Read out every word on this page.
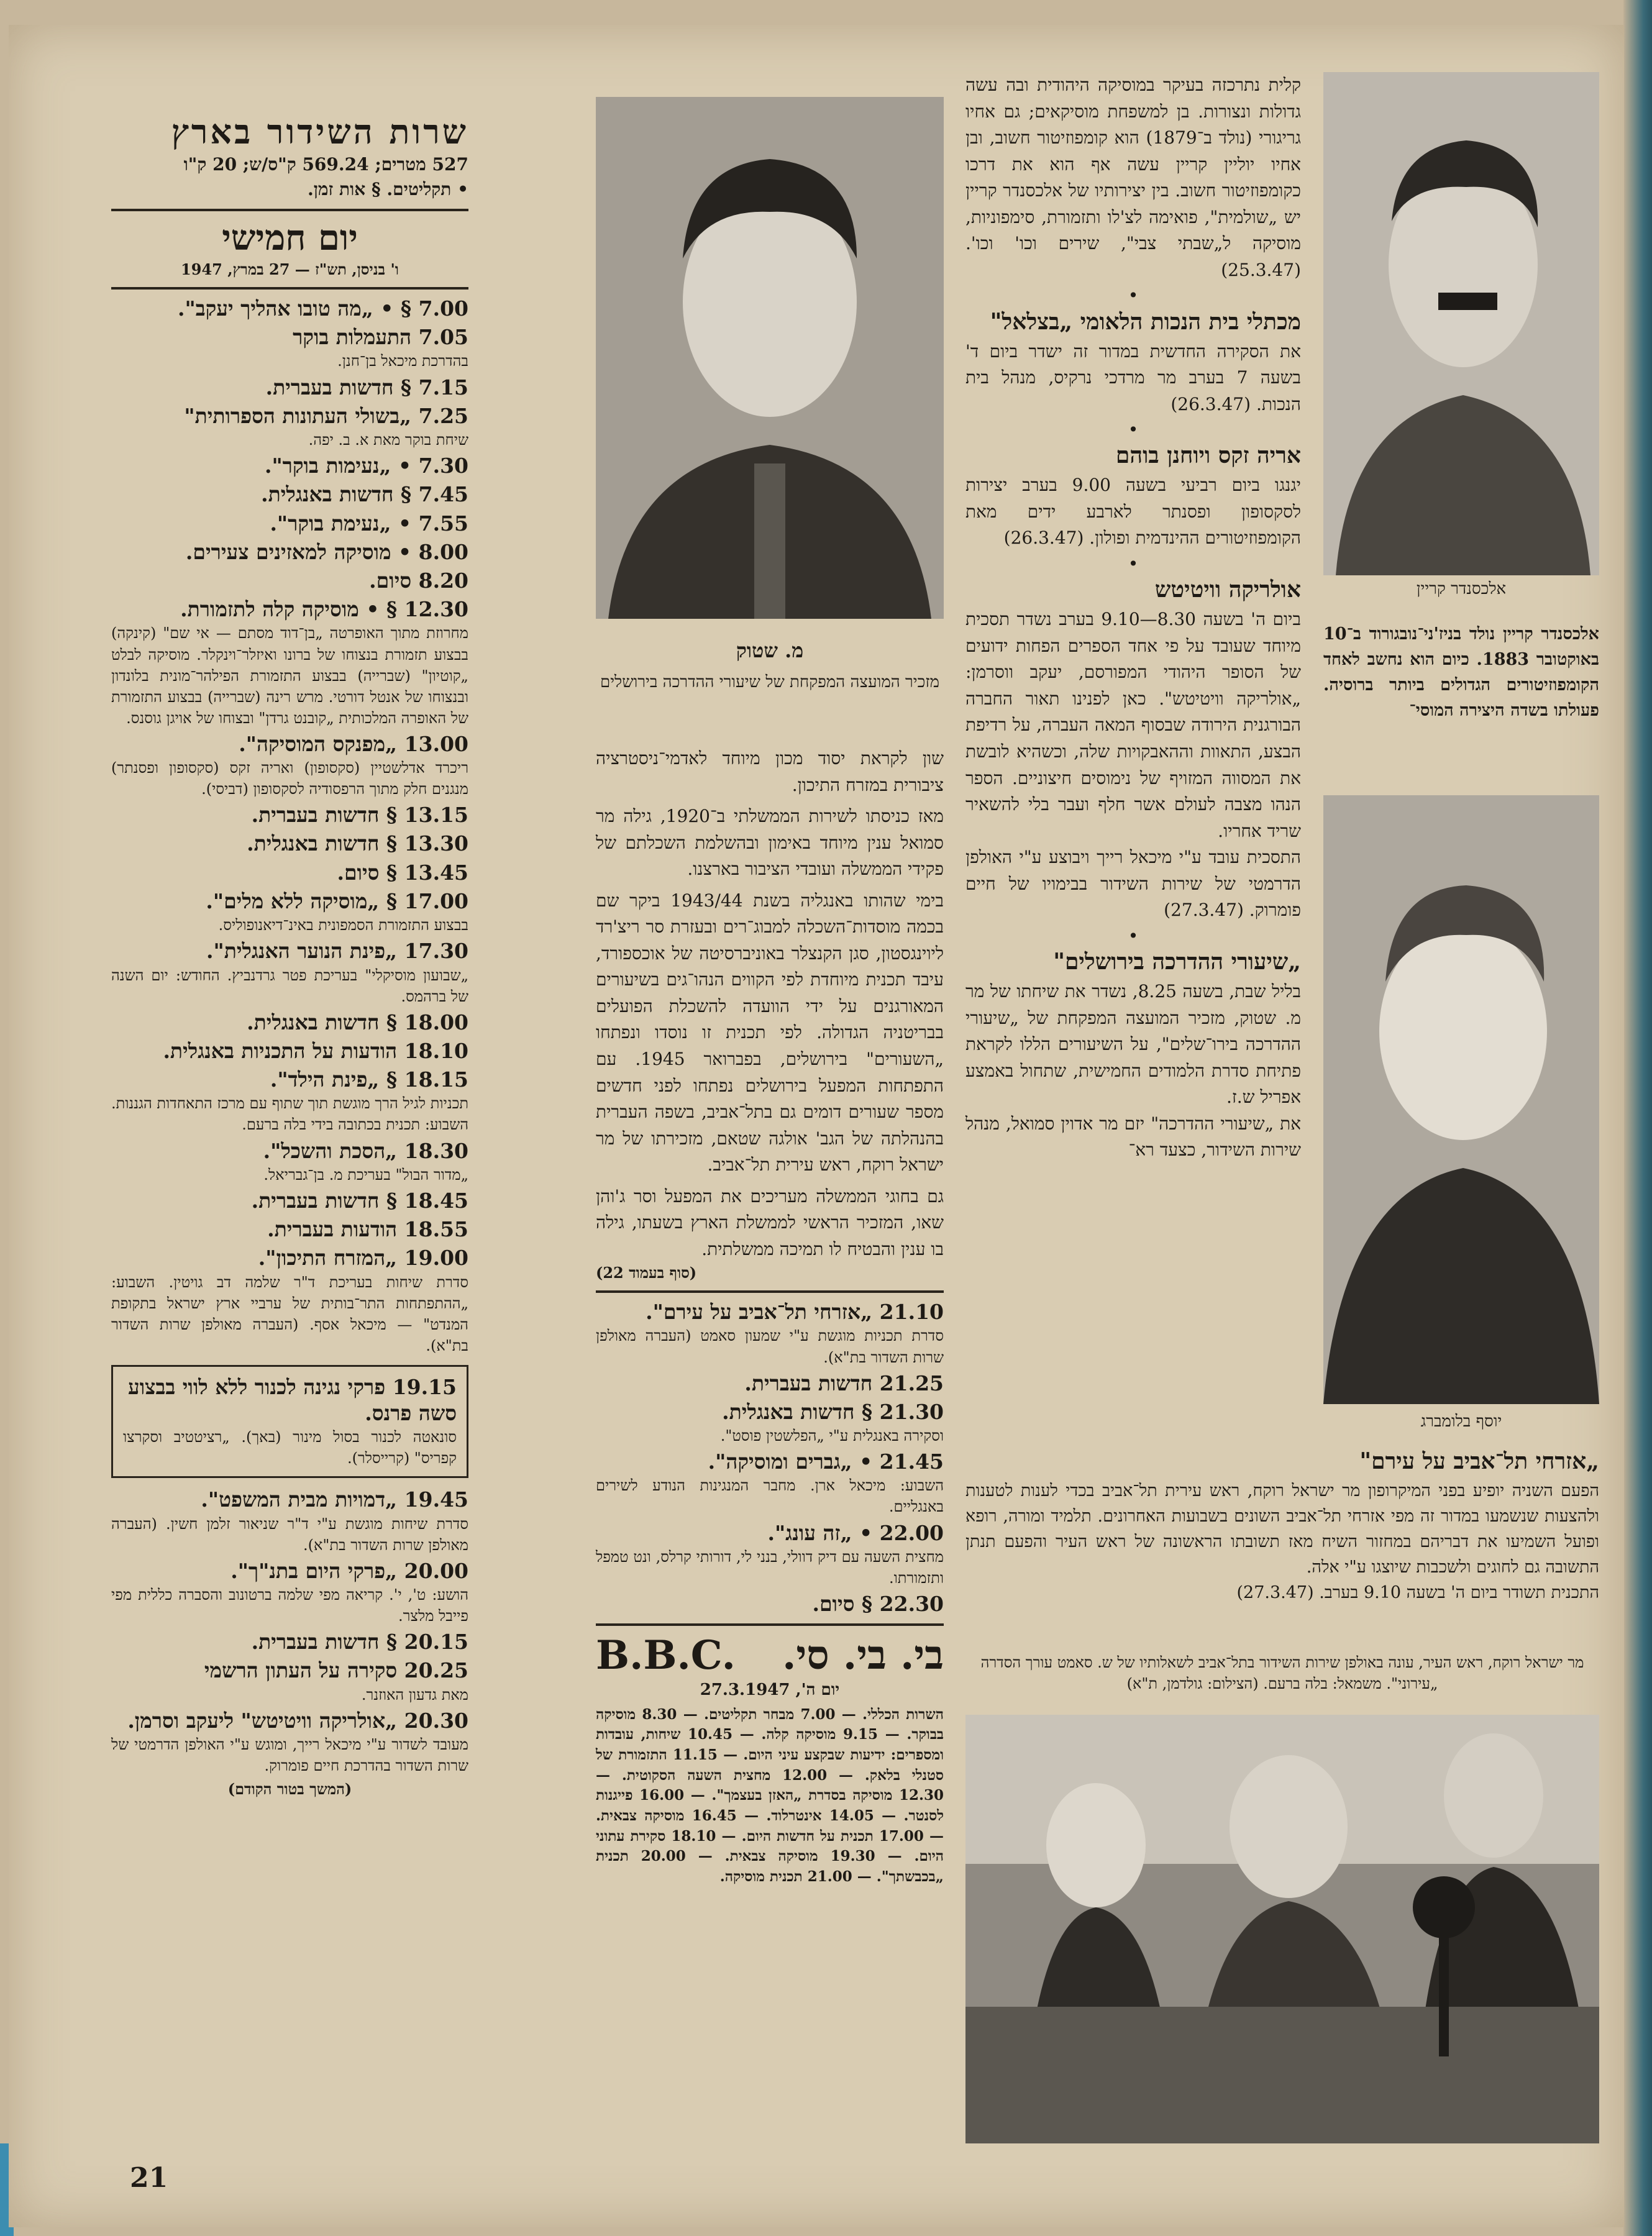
אלכסנדר קריין
אלכסנדר קריין נולד בניז'ני־נובגורוד ב־10 באוקטובר 1883. כיום הוא נחשב לאחד הקומפוזיטורים הגדולים ביותר ברוסיה. פעולתו בשדה היצירה המוסי־
יוסף בלומברג

קלית נתרכזה בעיקר במוסיקה היהודית ובה עשה גדולות ונצורות. בן למשפחת מוסיקאים; גם אחיו גריגורי (נולד ב־1879) הוא קומפוזיטור חשוב, ובן אחיו יוליין קריין עשה אף הוא את דרכו כקומפוזיטור חשוב. בין יצירותיו של אלכסנדר קריין יש „שולמית", פואימה לצ'לו ותזמורת, סימפוניות, מוסיקה ל„שבתי צבי", שירים וכו' וכו'. (25.3.47)

•
מכתלי בית הנכות הלאומי „בצלאל"

את הסקירה החדשית במדור זה ישדר ביום ד' בשעה 7 בערב מר מרדכי נרקיס, מנהל בית הנכות. (26.3.47)

•
אריה זקס ויוחנן בוהם

יגנגו ביום רביעי בשעה 9.00 בערב יצירות לסקסופון ופסנתר לארבע ידים מאת הקומפוזיטורים ההינדמית ופולון. (26.3.47)

•
אולריקה וויטיטש

ביום ה' בשעה 8.30—9.10 בערב נשדר תסכית מיוחד שעובד על פי אחד הספרים הפחות ידועים של הסופר היהודי המפורסם, יעקב ווסרמן: „אולריקה וויטיטש". כאן לפנינו תאור החברה הבורגנית הירודה שבסוף המאה העברה, על רדיפת הבצע, התאוות וההאבקויות שלה, וכשהיא לובשת את המסווה המזויף של נימוסים חיצוניים. הספר הנהו מצבה לעולם אשר חלף ועבר בלי להשאיר שריד אחריו.

התסכית עובד ע"י מיכאל רייך ויבוצע ע"י האולפן הדרמטי של שירות השידור בבימויו של חיים פומרוק. (27.3.47)

•
„שיעורי ההדרכה בירושלים"

בליל שבת, בשעה 8.25, נשדר את שיחתו של מר מ. שטוק, מזכיר המועצה המפקחת של „שיעורי ההדרכה בירו־שלים", על השיעורים הללו לקראת פתיחת סדרת הלמודים החמישית, שתחול באמצע אפריל ש.ז.

את „שיעורי ההדרכה" יזם מר אדוין סמואל, מנהל שירות השידור, כצעד רא־

„אזרחי תל־אביב על עירם"

הפעם השניה יופיע בפני המיקרופון מר ישראל רוקח, ראש עירית תל־אביב בכדי לענות לטענות ולהצעות שנשמעו במדור זה מפי אזרחי תל־אביב השונים בשבועות האחרונים. תלמיד ומורה, רופא ופועל השמיעו את דבריהם במחזור השיח מאז תשובתו הראשונה של ראש העיר והפעם תנתן התשובה גם לחוגים ולשכבות שיוצגו ע"י אלה.

התכנית תשודר ביום ה' בשעה 9.10 בערב. (27.3.47)

מר ישראל רוקח, ראש העיר, עונה באולפן שירות השידור בתל־אביב לשאלותיו של ש. סאמט עורך הסדרה „עירוני". משמאל: בלה ברעם. (הצילום: גולדמן, ת"א)
מ. שטוק
מזכיר המועצה המפקחת של שיעורי ההדרכה בירושלים

שון לקראת יסוד מכון מיוחד לאדמי־ניסטרציה ציבורית במזרח התיכון.

מאז כניסתו לשירות הממשלתי ב־1920, גילה מר סמואל ענין מיוחד באימון ובהשלמת השכלתם של פקידי הממשלה ועובדי הציבור בארצנו.

בימי שהותו באנגליה בשנת 1943/44 ביקר שם בכמה מוסדות־השכלה למבוג־רים ובעזרת סר ריצ'רד ליוינגסטון, סגן הקנצלר באוניברסיטה של אוכספורד, עיבד תכנית מיוחדת לפי הקווים הנהו־גים בשיעורים המאורגנים על ידי הוועדה להשכלת הפועלים בבריטניה הגדולה. לפי תכנית זו נוסדו ונפתחו „השעורים" בירושלים, בפברואר 1945. עם התפתחות המפעל בירושלים נפתחו לפני חדשים מספר שעורים דומים גם בתל־אביב, בשפה העברית בהנהלתה של הגב' אולגה שטאם, מזכירתו של מר ישראל רוקח, ראש עירית תל־אביב.

גם בחוגי הממשלה מעריכים את המפעל וסר ג'והן שאו, המזכיר הראשי לממשלת הארץ בשעתו, גילה בו ענין והבטיח לו תמיכה ממשלתית.

(סוף בעמוד 22)
21.10 „אזרחי תל־אביב על עירם".
סדרת תכניות מוגשת ע"י שמעון סאמט (העברה מאולפן שרות השדור בת"א).
21.25 חדשות בעברית.
21.30 § חדשות באנגלית.
וסקירה באנגלית ע"י „הפלשטין פוסט".
21.45 • „גברים ומוסיקה".
השבוע: מיכאל ארן. מחבר המנגינות הנודע לשירים באנגליים.
22.00 • „זה עונג".
מחצית השעה עם דיק דוולי, בנני לי, דורותי קרלס, ונט טמפל ותזמורתו.
22.30 § סיום.
בי. בי. סי.
B.B.C.
יום ה', 27.3.1947

השרות הכללי. — 7.00 מבחר תקליטים. — 8.30 מוסיקה בבוקר. — 9.15 מוסיקה קלה. — 10.45 שיחות, עובדות ומספרים: ידיעות שבקצע עיני היום. — 11.15 התזמורת של סטנלי בלאק. — 12.00 מחצית השעה הסקוטית. — 12.30 מוסיקה בסדרת „האזן בעצמך". — 16.00 פייגנות לסנטר. — 14.05 אינטרלוד. — 16.45 מוסיקה צבאית. — 17.00 תכנית על חדשות היום. — 18.10 סקירת עתוני היום. — 19.30 מוסיקה צבאית. — 20.00 תכנית „בכבשתך". — 21.00 תכנית מוסיקה.

שרות השידור בארץ
527 מטרים; 569.24 ק"ס/ש; 20 ק"ו
• תקליטים. § אות זמן.
יום חמישי
ו' בניסן, תש"ז — 27 במרץ, 1947
7.00 § • „מה טובו אהליך יעקב".
7.05 התעמלות בוקר
בהדרכת מיכאל בן־חנן.
7.15 § חדשות בעברית.
7.25 „בשולי העתונות הספרותית"
שיחת בוקר מאת א. ב. יפה.
7.30 • „נעימות בוקר".
7.45 § חדשות באנגלית.
7.55 • „נעימת בוקר".
8.00 • מוסיקה למאזינים צעירים.
8.20 סיום.
12.30 § • מוסיקה קלה לתזמורת.
מחרוזת מתוך האופרטה „בן־דוד מסתם — אי שם" (קינקה) בבצוע תזמורת בנצוחו של ברונו ואיזלר־וינקלר. מוסיקה לבלט „קוטיון" (שברייה) בבצוע התזמורת הפילהר־מונית בלונדון ובנצוחו של אנטל דורטי. מרש רינה (שברייה) בבצוע התזמורת של האופרה המלכותית „קובנט גרדן" ובצוחו של אויגן גוסנס.
13.00 „מפנקס המוסיקה".
ריכרד אדלשטיין (סקסופון) ואריה זקס (סקסופון ופסנתר) מנגנים חלק מתוך הרפסודיה לסקסופון (דביסי).
13.15 § חדשות בעברית.
13.30 § חדשות באנגלית.
13.45 § סיום.
17.00 § „מוסיקה ללא מלים".
בבצוע התזמורת הסמפונית באינ־דיאנופוליס.
17.30 „פינת הנוער האנגלית".
„שבועון מוסיקלי" בעריכת פטר גרדנביץ. החודש: יום השנה של ברהמס.
18.00 § חדשות באנגלית.
18.10 הודעות על התכניות באנגלית.
18.15 § „פינת הילד".
תכניות לגיל הרך מוגשת תוך שתוף עם מרכז התאחדות הגננות. השבוע: תכנית בכתובה בידי בלה ברעם.
18.30 „הסכת והשכל".
„מדור הבול" בעריכת מ. בן־גבריאל.
18.45 § חדשות בעברית.
18.55 הודעות בעברית.
19.00 „המזרח התיכון".
סדרת שיחות בעריכת ד"ר שלמה דב גויטין. השבוע: „ההתפתחות התר־בותית של ערביי ארץ ישראל בתקופת המנדט" — מיכאל אסף. (העברה מאולפן שרות השדור בת"א).
19.15 פרקי נגינה לכנור ללא לווי בבצוע סשה פרנס.
סונאטה לכנור בסול מינור (באך). „רציטטיב וסקרצו קפריס" (קרייסלר).
19.45 „דמויות מבית המשפט".
סדרת שיחות מוגשת ע"י ד"ר שניאור זלמן חשין. (העברה מאולפן שרות השדור בת"א).
20.00 „פרקי היום בתנ"ך".
הושע: ט', י'. קריאה מפי שלמה ברטונוב והסברה כללית מפי פייבל מלצר.
20.15 § חדשות בעברית.
20.25 סקירה על העתון הרשמי
מאת גדעון האוזנר.
20.30 „אולריקה וויטיטש" ליעקב וסרמן.
מעובד לשדור ע"י מיכאל רייך, ומוגש ע"י האולפן הדרמטי של שרות השדור בהדרכת חיים פומרוק.
(המשך בטור הקודם)
21
